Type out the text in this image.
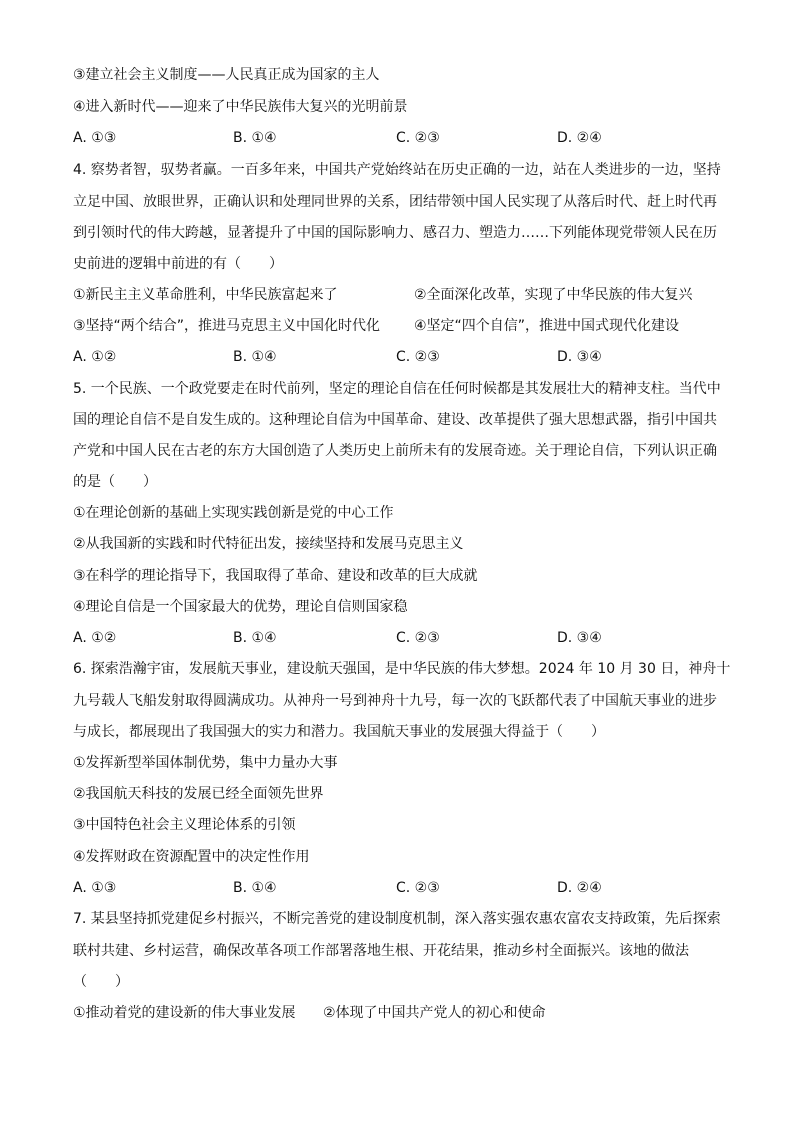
③建立社会主义制度——人民真正成为国家的主人
④进入新时代——迎来了中华民族伟大复兴的光明前景
A. ①③	B. ①④	C. ②③	D. ②④
4. 察势者智，驭势者赢。一百多年来，中国共产党始终站在历史正确的一边，站在人类进步的一边，坚持
立足中国、放眼世界，正确认识和处理同世界的关系，团结带领中国人民实现了从落后时代、赶上时代再
到引领时代的伟大跨越，显著提升了中国的国际影响力、感召力、塑造力……下列能体现党带领人民在历
史前进的逻辑中前进的有（　　）
①新民主主义革命胜利，中华民族富起来了	②全面深化改革，实现了中华民族的伟大复兴
③坚持“两个结合”，推进马克思主义中国化时代化 ④坚定“四个自信”，推进中国式现代化建设
A. ①②	B. ①④	C. ②③	D. ③④
5. 一个民族、一个政党要走在时代前列，坚定的理论自信在任何时候都是其发展壮大的精神支柱。当代中
国的理论自信不是自发生成的。这种理论自信为中国革命、建设、改革提供了强大思想武器，指引中国共
产党和中国人民在古老的东方大国创造了人类历史上前所未有的发展奇迹。关于理论自信，下列认识正确
的是（　　）
①在理论创新的基础上实现实践创新是党的中心工作
②从我国新的实践和时代特征出发，接续坚持和发展马克思主义
③在科学的理论指导下，我国取得了革命、建设和改革的巨大成就
④理论自信是一个国家最大的优势，理论自信则国家稳
A. ①②	B. ①④	C. ②③	D. ③④
6. 探索浩瀚宇宙，发展航天事业，建设航天强国，是中华民族的伟大梦想。2024 年 10 月 30 日，神舟十
九号载人飞船发射取得圆满成功。从神舟一号到神舟十九号，每一次的飞跃都代表了中国航天事业的进步
与成长，都展现出了我国强大的实力和潜力。我国航天事业的发展强大得益于（　　）
①发挥新型举国体制优势，集中力量办大事
②我国航天科技的发展已经全面领先世界
③中国特色社会主义理论体系的引领
④发挥财政在资源配置中的决定性作用
A. ①③	B. ①④	C. ②③	D. ②④
7. 某县坚持抓党建促乡村振兴，不断完善党的建设制度机制，深入落实强农惠农富农支持政策，先后探索
联村共建、乡村运营，确保改革各项工作部署落地生根、开花结果，推动乡村全面振兴。该地的做法
（　　）
①推动着党的建设新的伟大事业发展 ②体现了中国共产党人的初心和使命
